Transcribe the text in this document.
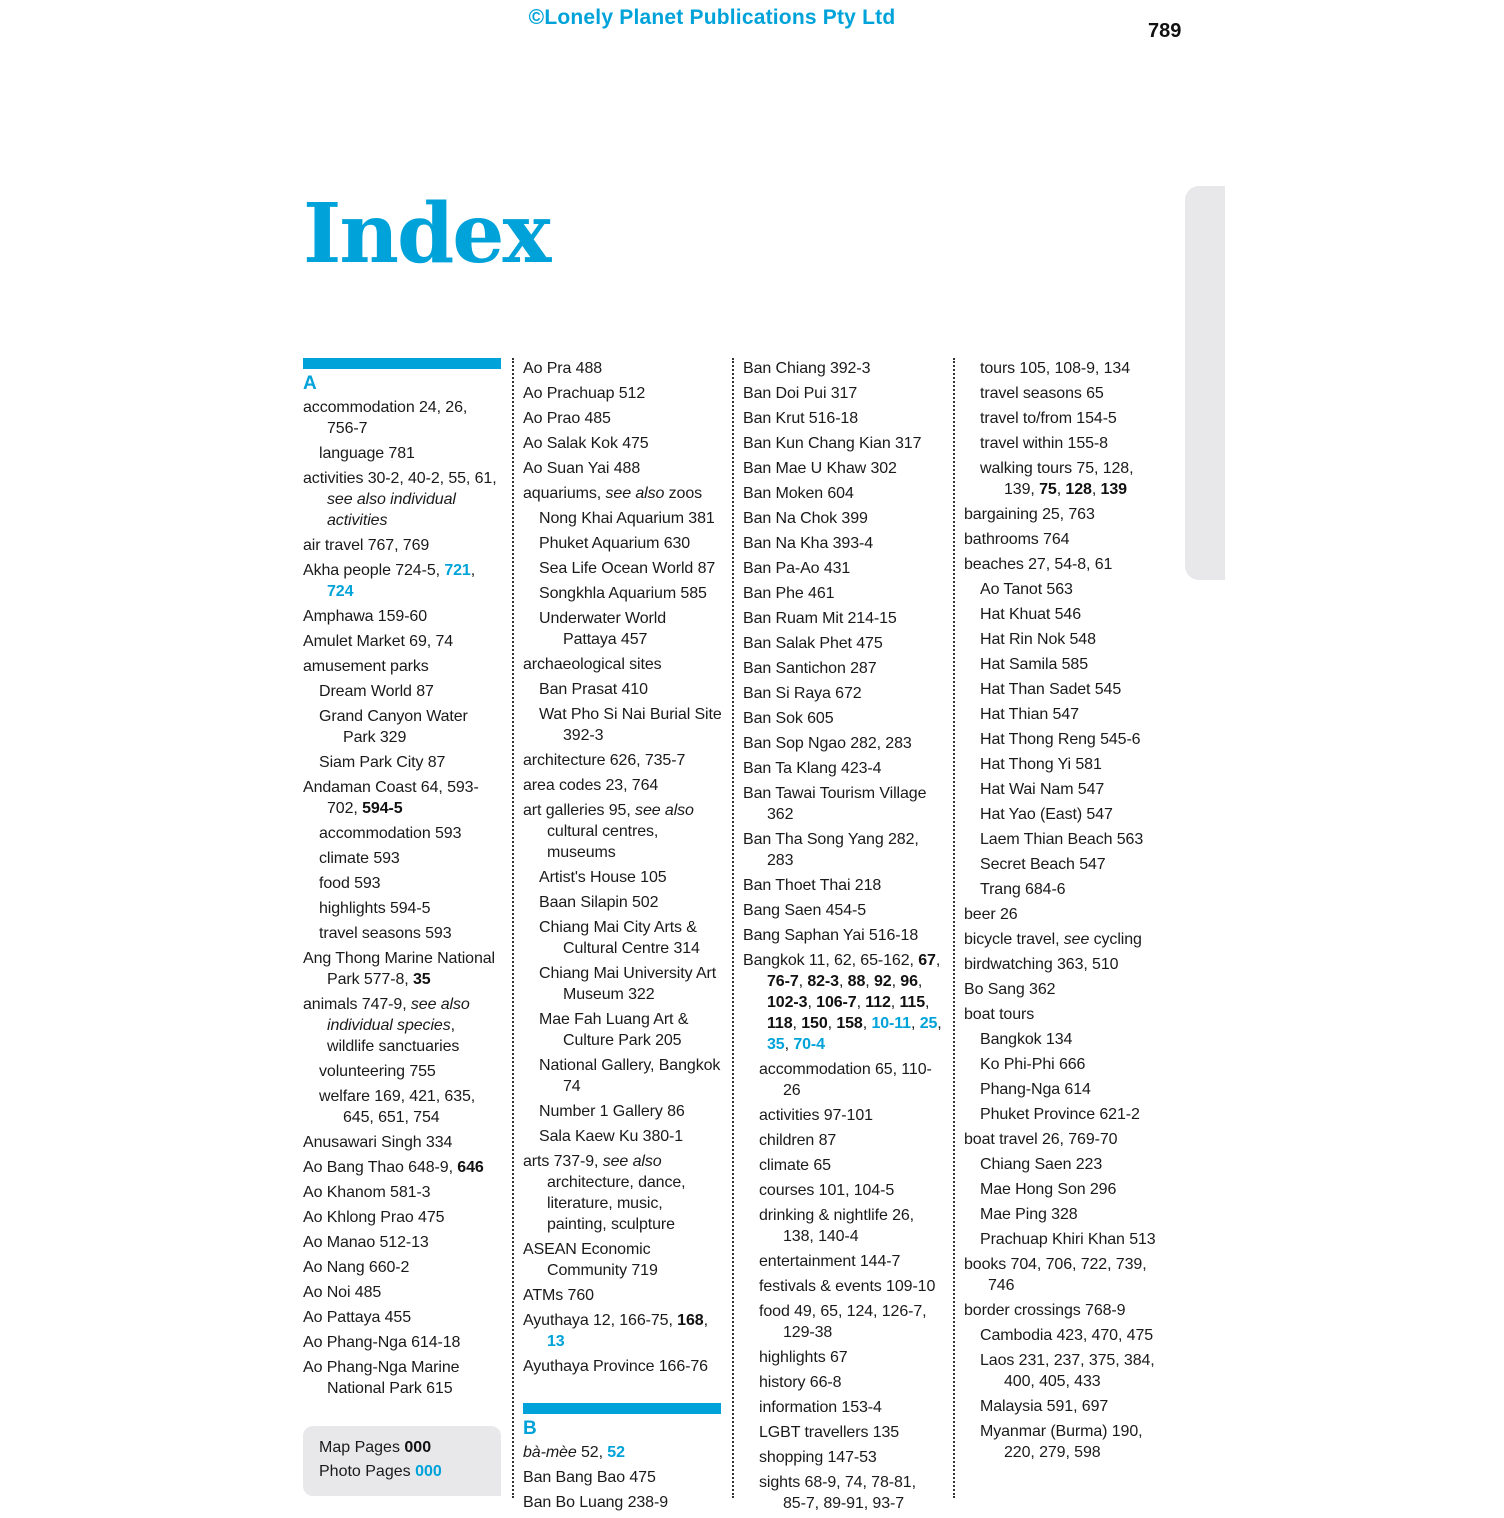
©Lonely Planet Publications Pty Ltd
789
Index
A
accommodation 24, 26, 756-7
language 781
activities 30-2, 40-2, 55, 61, see also individual activities
air travel 767, 769
Akha people 724-5, 721, 724
Amphawa 159-60
Amulet Market 69, 74
amusement parks
Dream World 87
Grand Canyon Water Park 329
Siam Park City 87
Andaman Coast 64, 593-702, 594-5
accommodation 593
climate 593
food 593
highlights 594-5
travel seasons 593
Ang Thong Marine National Park 577-8, 35
animals 747-9, see also individual species, wildlife sanctuaries
volunteering 755
welfare 169, 421, 635, 645, 651, 754
Anusawari Singh 334
Ao Bang Thao 648-9, 646
Ao Khanom 581-3
Ao Khlong Prao 475
Ao Manao 512-13
Ao Nang 660-2
Ao Noi 485
Ao Pattaya 455
Ao Phang-Nga 614-18
Ao Phang-Nga Marine National Park 615
Ao Pra 488
Ao Prachuap 512
Ao Prao 485
Ao Salak Kok 475
Ao Suan Yai 488
aquariums, see also zoos
Nong Khai Aquarium 381
Phuket Aquarium 630
Sea Life Ocean World 87
Songkhla Aquarium 585
Underwater World Pattaya 457
archaeological sites
Ban Prasat 410
Wat Pho Si Nai Burial Site 392-3
architecture 626, 735-7
area codes 23, 764
art galleries 95, see also cultural centres, museums
Artist's House 105
Baan Silapin 502
Chiang Mai City Arts & Cultural Centre 314
Chiang Mai University Art Museum 322
Mae Fah Luang Art & Culture Park 205
National Gallery, Bangkok 74
Number 1 Gallery 86
Sala Kaew Ku 380-1
arts 737-9, see also architecture, dance, literature, music, painting, sculpture
ASEAN Economic Community 719
ATMs 760
Ayuthaya 12, 166-75, 168, 13
Ayuthaya Province 166-76
B
bà-mèe 52, 52
Ban Bang Bao 475
Ban Bo Luang 238-9
Ban Chiang 392-3
Ban Doi Pui 317
Ban Krut 516-18
Ban Kun Chang Kian 317
Ban Mae U Khaw 302
Ban Moken 604
Ban Na Chok 399
Ban Na Kha 393-4
Ban Pa-Ao 431
Ban Phe 461
Ban Ruam Mit 214-15
Ban Salak Phet 475
Ban Santichon 287
Ban Si Raya 672
Ban Sok 605
Ban Sop Ngao 282, 283
Ban Ta Klang 423-4
Ban Tawai Tourism Village 362
Ban Tha Song Yang 282, 283
Ban Thoet Thai 218
Bang Saen 454-5
Bang Saphan Yai 516-18
Bangkok 11, 62, 65-162, 67, 76-7, 82-3, 88, 92, 96, 102-3, 106-7, 112, 115, 118, 150, 158, 10-11, 25, 35, 70-4
accommodation 65, 110-26
activities 97-101
children 87
climate 65
courses 101, 104-5
drinking & nightlife 26, 138, 140-4
entertainment 144-7
festivals & events 109-10
food 49, 65, 124, 126-7, 129-38
highlights 67
history 66-8
information 153-4
LGBT travellers 135
shopping 147-53
sights 68-9, 74, 78-81, 85-7, 89-91, 93-7
tours 105, 108-9, 134
travel seasons 65
travel to/from 154-5
travel within 155-8
walking tours 75, 128, 139, 75, 128, 139
bargaining 25, 763
bathrooms 764
beaches 27, 54-8, 61
Ao Tanot 563
Hat Khuat 546
Hat Rin Nok 548
Hat Samila 585
Hat Than Sadet 545
Hat Thian 547
Hat Thong Reng 545-6
Hat Thong Yi 581
Hat Wai Nam 547
Hat Yao (East) 547
Laem Thian Beach 563
Secret Beach 547
Trang 684-6
beer 26
bicycle travel, see cycling
birdwatching 363, 510
Bo Sang 362
boat tours
Bangkok 134
Ko Phi-Phi 666
Phang-Nga 614
Phuket Province 621-2
boat travel 26, 769-70
Chiang Saen 223
Mae Hong Son 296
Mae Ping 328
Prachuap Khiri Khan 513
books 704, 706, 722, 739, 746
border crossings 768-9
Cambodia 423, 470, 475
Laos 231, 237, 375, 384, 400, 405, 433
Malaysia 591, 697
Myanmar (Burma) 190, 220, 279, 598
Map Pages 000
Photo Pages 000
